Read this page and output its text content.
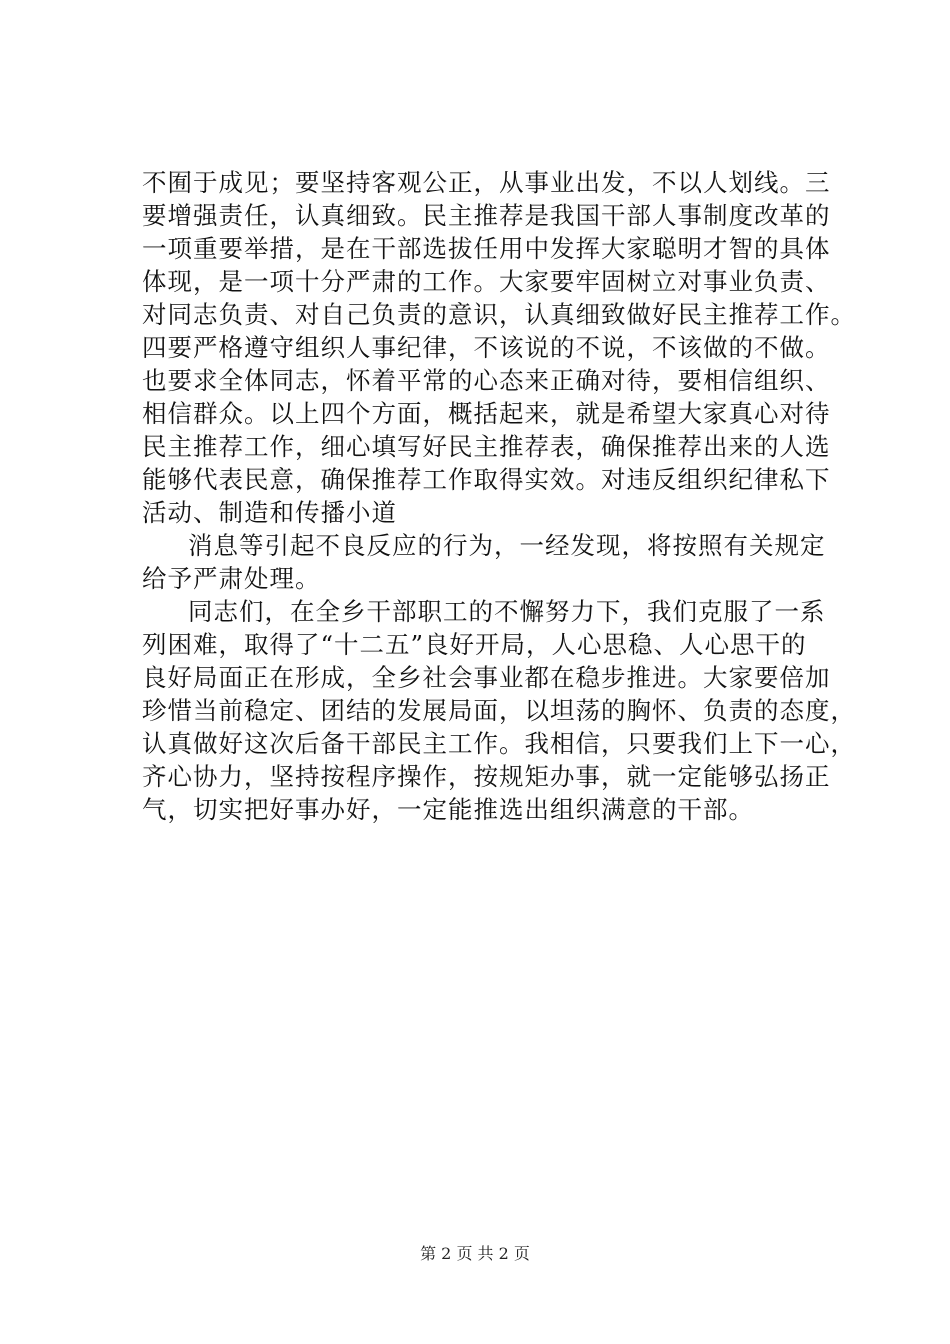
不囿于成见；要坚持客观公正，从事业出发，不以人划线。三
要增强责任，认真细致。民主推荐是我国干部人事制度改革的
一项重要举措，是在干部选拔任用中发挥大家聪明才智的具体
体现，是一项十分严肃的工作。大家要牢固树立对事业负责、
对同志负责、对自己负责的意识，认真细致做好民主推荐工作。
四要严格遵守组织人事纪律，不该说的不说，不该做的不做。
也要求全体同志，怀着平常的心态来正确对待，要相信组织、
相信群众。以上四个方面，概括起来，就是希望大家真心对待
民主推荐工作，细心填写好民主推荐表，确保推荐出来的人选
能够代表民意，确保推荐工作取得实效。对违反组织纪律私下
活动、制造和传播小道
消息等引起不良反应的行为，一经发现，将按照有关规定
给予严肃处理。
同志们，在全乡干部职工的不懈努力下，我们克服了一系
列困难，取得了“十二五”良好开局，人心思稳、人心思干的
良好局面正在形成，全乡社会事业都在稳步推进。大家要倍加
珍惜当前稳定、团结的发展局面，以坦荡的胸怀、负责的态度，
认真做好这次后备干部民主工作。我相信，只要我们上下一心，
齐心协力，坚持按程序操作，按规矩办事，就一定能够弘扬正
气，切实把好事办好，一定能推选出组织满意的干部。
第 2 页 共 2 页
